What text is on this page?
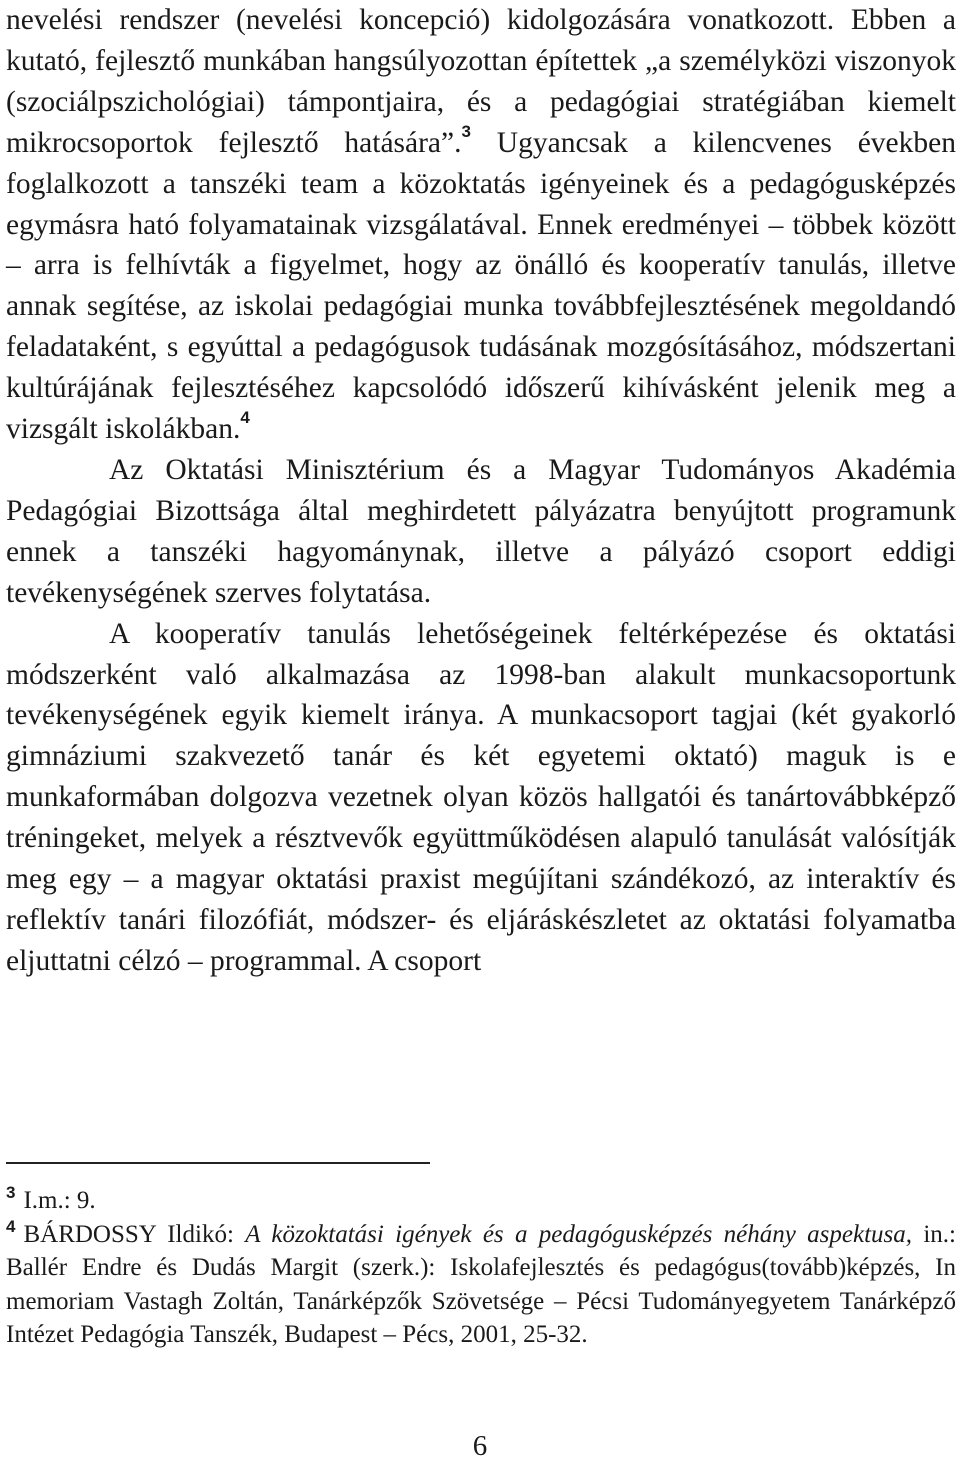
nevelési rendszer (nevelési koncepció) kidolgozására vonatkozott. Ebben a kutató, fejlesztő munkában hangsúlyozottan építettek „a személyközi viszonyok (szociálpszichológiai) támpontjaira, és a pedagógiai stratégiában kiemelt mikrocsoportok fejlesztő hatására”.$^3$ Ugyancsak a kilencvenes években foglalkozott a tanszéki team a közoktatás igényeinek és a pedagógusképzés egymásra ható folyamatainak vizsgálatával. Ennek eredményei – többek között – arra is felhívták a figyelmet, hogy az önálló és kooperatív tanulás, illetve annak segítése, az iskolai pedagógiai munka továbbfejlesztésének megoldandó feladataként, s egyúttal a pedagógusok tudásának mozgósításához, módszertani kultúrájának fejlesztéséhez kapcsolódó időszerű kihívásként jelenik meg a vizsgált iskolákban.$^4$

Az Oktatási Minisztérium és a Magyar Tudományos Akadémia Pedagógiai Bizottsága által meghirdetett pályázatra benyújtott programunk ennek a tanszéki hagyománynak, illetve a pályázó csoport eddigi tevékenységének szerves folytatása.

A kooperatív tanulás lehetőségeinek feltérképezése és oktatási módszerként való alkalmazása az 1998-ban alakult munkacsoportunk tevékenységének egyik kiemelt iránya. A munkacsoport tagjai (két gyakorló gimnáziumi szakvezető tanár és két egyetemi oktató) maguk is e munkaformában dolgozva vezetnek olyan közös hallgatói és tanártovábbképző tréningeket, melyek a résztvevők együttműködésen alapuló tanulását valósítják meg egy – a magyar oktatási praxist megújítani szándékozó, az interaktív és reflektív tanári filozófiát, módszer- és eljáráskészletet az oktatási folyamatba eljuttatni célzó – programmal. A csoport

$^3$ I.m.: 9.

$^4$ BÁRDOSSY Ildikó: A közoktatási igények és a pedagógusképzés néhány aspektusa, in.: Ballér Endre és Dudás Margit (szerk.): Iskolafejlesztés és pedagógus(tovább)képzés, In memoriam Vastagh Zoltán, Tanárképzők Szövetsége – Pécsi Tudományegyetem Tanárképző Intézet Pedagógia Tanszék, Budapest – Pécs, 2001, 25-32.

6
